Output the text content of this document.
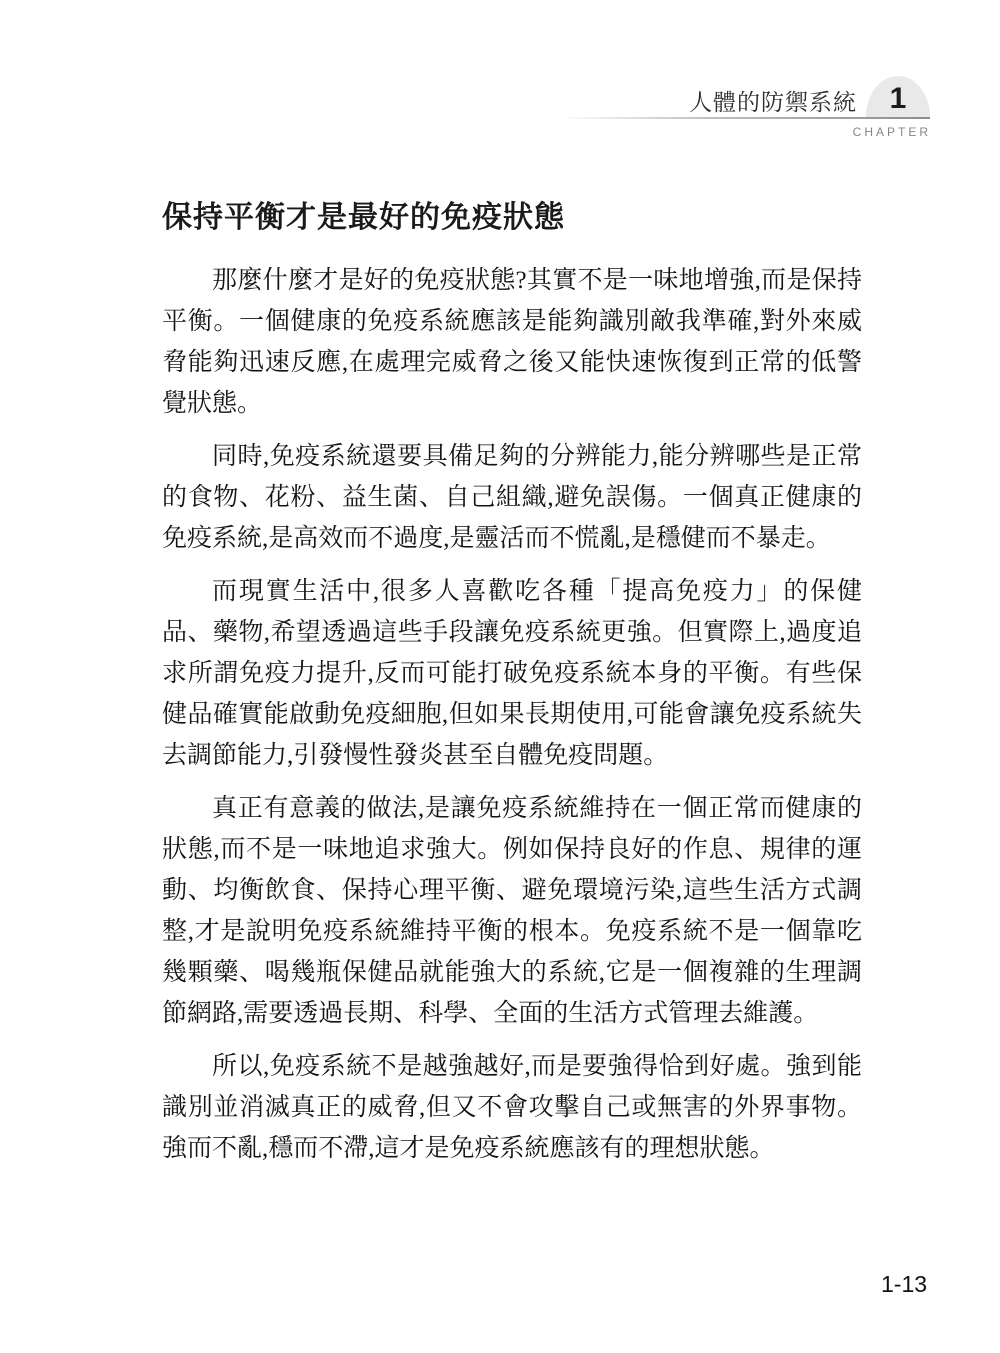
人體的防禦系統	1
CHAPTER
保持平衡才是最好的免疫狀態

那麼什麼才是好的免疫狀態?其實不是一味地增強,而是保持平衡。一個健康的免疫系統應該是能夠識別敵我準確,對外來威脅能夠迅速反應,在處理完威脅之後又能快速恢復到正常的低警覺狀態。

同時,免疫系統還要具備足夠的分辨能力,能分辨哪些是正常的食物、花粉、益生菌、自己組織,避免誤傷。一個真正健康的免疫系統,是高效而不過度,是靈活而不慌亂,是穩健而不暴走。

而現實生活中,很多人喜歡吃各種「提高免疫力」的保健品、藥物,希望透過這些手段讓免疫系統更強。但實際上,過度追求所謂免疫力提升,反而可能打破免疫系統本身的平衡。有些保健品確實能啟動免疫細胞,但如果長期使用,可能會讓免疫系統失去調節能力,引發慢性發炎甚至自體免疫問題。

真正有意義的做法,是讓免疫系統維持在一個正常而健康的狀態,而不是一味地追求強大。例如保持良好的作息、規律的運動、均衡飲食、保持心理平衡、避免環境污染,這些生活方式調整,才是說明免疫系統維持平衡的根本。免疫系統不是一個靠吃幾顆藥、喝幾瓶保健品就能強大的系統,它是一個複雜的生理調節網路,需要透過長期、科學、全面的生活方式管理去維護。

所以,免疫系統不是越強越好,而是要強得恰到好處。強到能識別並消滅真正的威脅,但又不會攻擊自己或無害的外界事物。強而不亂,穩而不滯,這才是免疫系統應該有的理想狀態。

1-13
